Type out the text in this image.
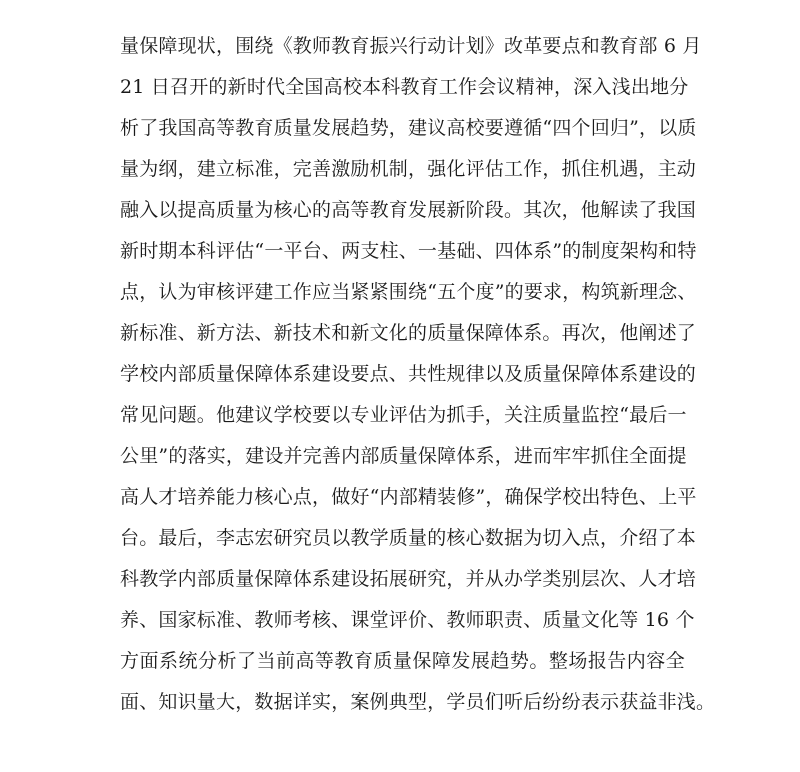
量保障现状，围绕《教师教育振兴行动计划》改革要点和教育部 6 月
21 日召开的新时代全国高校本科教育工作会议精神，深入浅出地分
析了我国高等教育质量发展趋势，建议高校要遵循“四个回归”，以质
量为纲，建立标准，完善激励机制，强化评估工作，抓住机遇，主动
融入以提高质量为核心的高等教育发展新阶段。其次，他解读了我国
新时期本科评估“一平台、两支柱、一基础、四体系”的制度架构和特
点，认为审核评建工作应当紧紧围绕“五个度”的要求，构筑新理念、
新标准、新方法、新技术和新文化的质量保障体系。再次，他阐述了
学校内部质量保障体系建设要点、共性规律以及质量保障体系建设的
常见问题。他建议学校要以专业评估为抓手，关注质量监控“最后一
公里”的落实，建设并完善内部质量保障体系，进而牢牢抓住全面提
高人才培养能力核心点，做好“内部精装修”，确保学校出特色、上平
台。最后，李志宏研究员以教学质量的核心数据为切入点，介绍了本
科教学内部质量保障体系建设拓展研究，并从办学类别层次、人才培
养、国家标准、教师考核、课堂评价、教师职责、质量文化等 16 个
方面系统分析了当前高等教育质量保障发展趋势。整场报告内容全
面、知识量大，数据详实，案例典型，学员们听后纷纷表示获益非浅。
